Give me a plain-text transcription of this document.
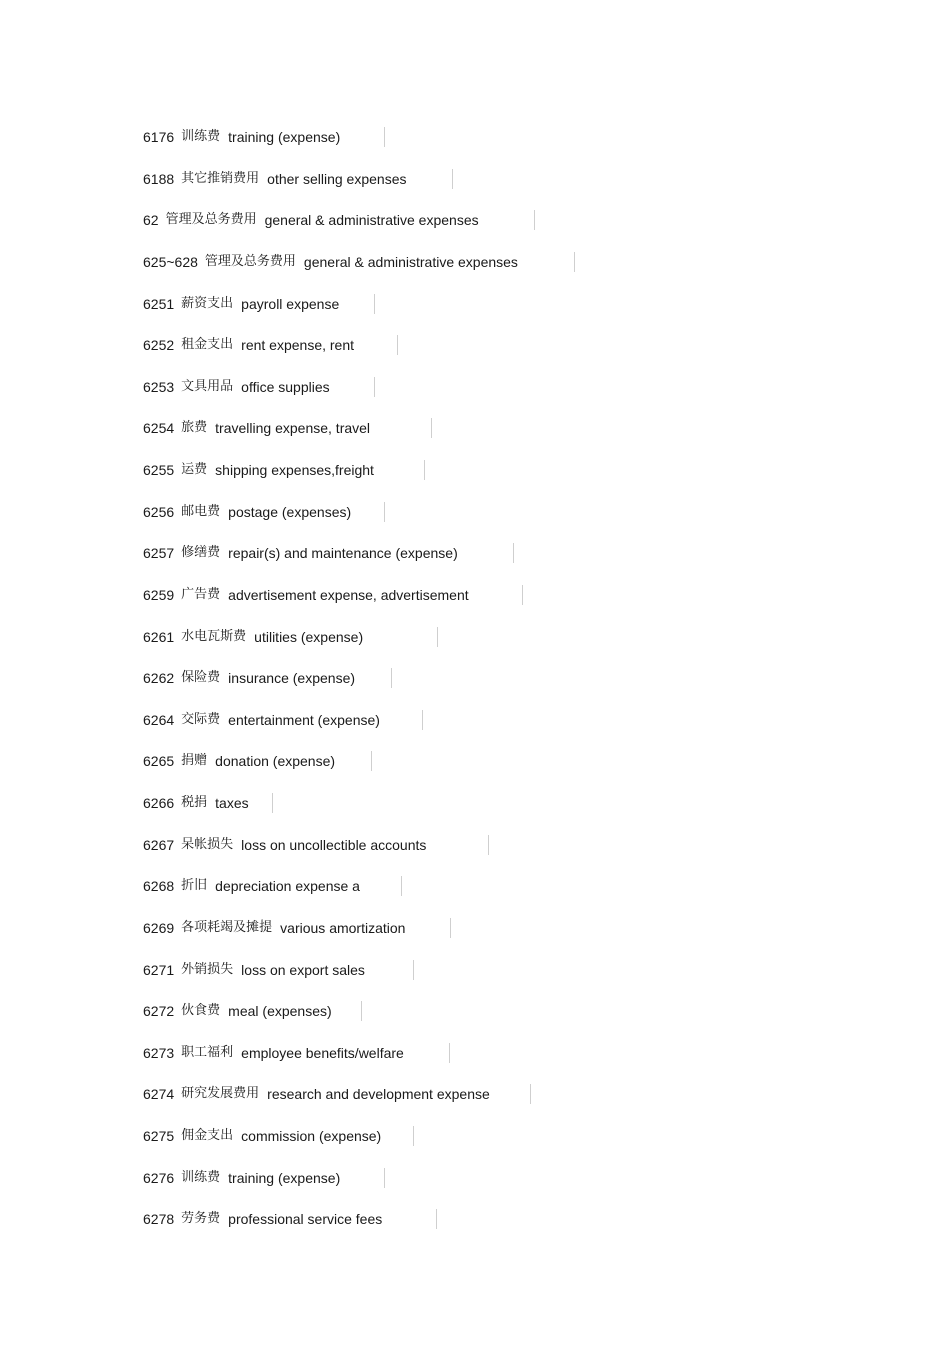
6176 训练费 training (expense)
6188 其它推销费用 other selling expenses
62 管理及总务费用 general & administrative expenses
625~628 管理及总务费用 general & administrative expenses
6251 薪资支出 payroll expense
6252 租金支出 rent expense, rent
6253 文具用品 office supplies
6254 旅费 travelling expense, travel
6255 运费 shipping expenses,freight
6256 邮电费 postage (expenses)
6257 修缮费 repair(s) and maintenance (expense)
6259 广告费 advertisement expense, advertisement
6261 水电瓦斯费 utilities (expense)
6262 保险费 insurance (expense)
6264 交际费 entertainment (expense)
6265 捐赠 donation (expense)
6266 税捐 taxes
6267 呆帐损失 loss on uncollectible accounts
6268 折旧 depreciation expense a
6269 各项耗竭及摊提 various amortization
6271 外销损失 loss on export sales
6272 伙食费 meal (expenses)
6273 职工福利 employee benefits/welfare
6274 研究发展费用 research and development expense
6275 佣金支出 commission (expense)
6276 训练费 training (expense)
6278 劳务费 professional service fees
